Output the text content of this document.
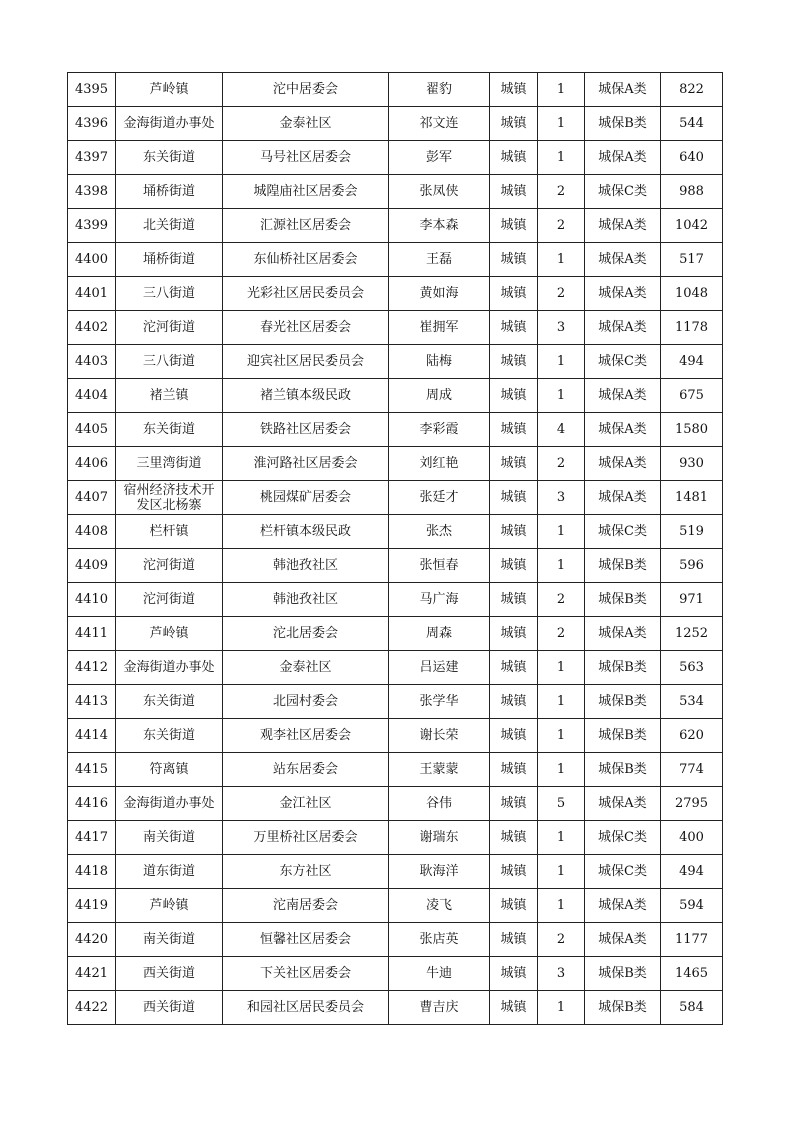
4395	芦岭镇	沱中居委会	翟豹	城镇	1	城保A类	822
4396	金海街道办事处	金泰社区	祁文连	城镇	1	城保B类	544
4397	东关街道	马号社区居委会	彭军	城镇	1	城保A类	640
4398	埇桥街道	城隍庙社区居委会	张凤侠	城镇	2	城保C类	988
4399	北关街道	汇源社区居委会	李本森	城镇	2	城保A类	1042
4400	埇桥街道	东仙桥社区居委会	王磊	城镇	1	城保A类	517
4401	三八街道	光彩社区居民委员会	黄如海	城镇	2	城保A类	1048
4402	沱河街道	春光社区居委会	崔拥军	城镇	3	城保A类	1178
4403	三八街道	迎宾社区居民委员会	陆梅	城镇	1	城保C类	494
4404	褚兰镇	褚兰镇本级民政	周成	城镇	1	城保A类	675
4405	东关街道	铁路社区居委会	李彩霞	城镇	4	城保A类	1580
4406	三里湾街道	淮河路社区居委会	刘红艳	城镇	2	城保A类	930
4407	宿州经济技术开发区北杨寨	桃园煤矿居委会	张廷才	城镇	3	城保A类	1481
4408	栏杆镇	栏杆镇本级民政	张杰	城镇	1	城保C类	519
4409	沱河街道	韩池孜社区	张恒春	城镇	1	城保B类	596
4410	沱河街道	韩池孜社区	马广海	城镇	2	城保B类	971
4411	芦岭镇	沱北居委会	周森	城镇	2	城保A类	1252
4412	金海街道办事处	金泰社区	吕运建	城镇	1	城保B类	563
4413	东关街道	北园村委会	张学华	城镇	1	城保B类	534
4414	东关街道	观李社区居委会	谢长荣	城镇	1	城保B类	620
4415	符离镇	站东居委会	王蒙蒙	城镇	1	城保B类	774
4416	金海街道办事处	金江社区	谷伟	城镇	5	城保A类	2795
4417	南关街道	万里桥社区居委会	谢瑞东	城镇	1	城保C类	400
4418	道东街道	东方社区	耿海洋	城镇	1	城保C类	494
4419	芦岭镇	沱南居委会	凌飞	城镇	1	城保A类	594
4420	南关街道	恒馨社区居委会	张店英	城镇	2	城保A类	1177
4421	西关街道	下关社区居委会	牛迪	城镇	3	城保B类	1465
4422	西关街道	和园社区居民委员会	曹吉庆	城镇	1	城保B类	584
